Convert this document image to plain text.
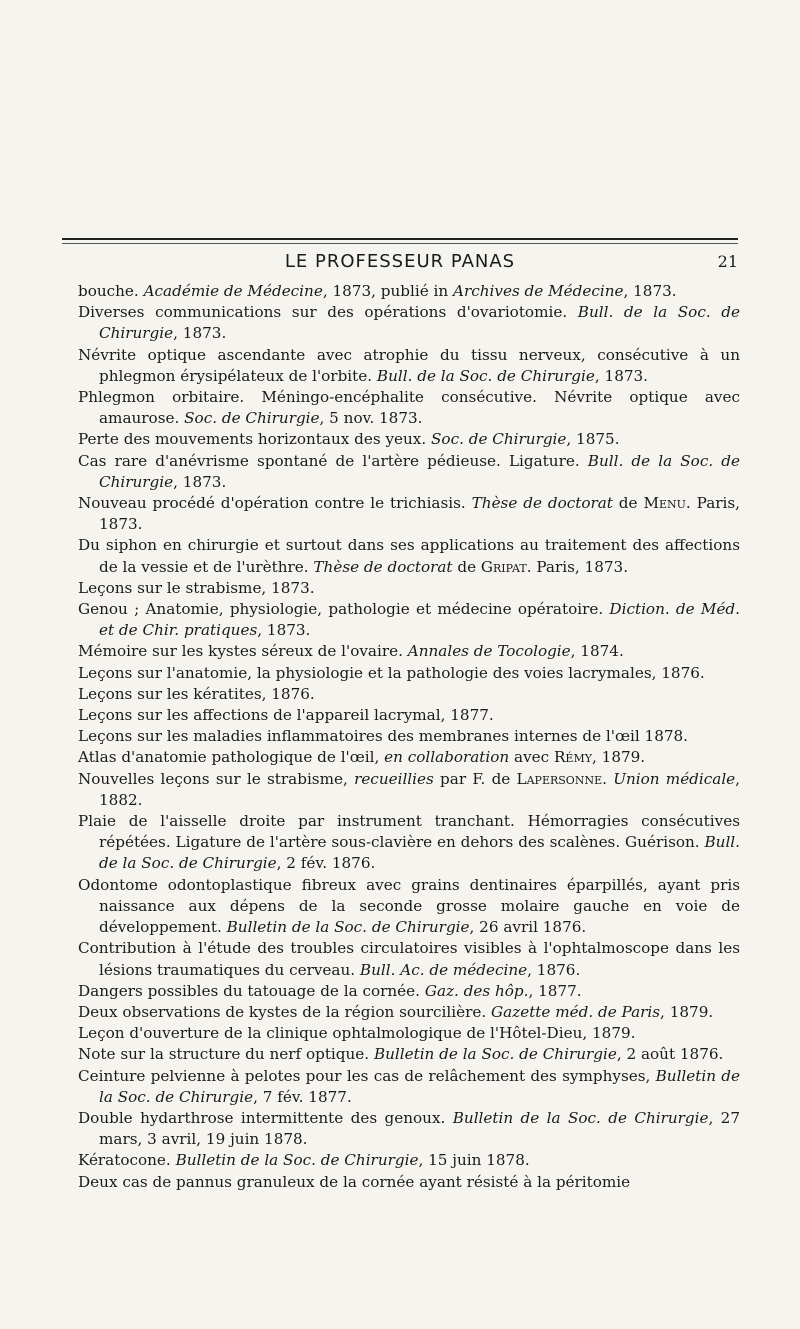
LE PROFESSEUR PANAS	21
bouche. Académie de Médecine, 1873, publié in Archives de Médecine, 1873.
Diverses communications sur des opérations d'ovariotomie. Bull. de la Soc. de Chirurgie, 1873.
Névrite optique ascendante avec atrophie du tissu nerveux, consécutive à un phlegmon érysipélateux de l'orbite. Bull. de la Soc. de Chirurgie, 1873.
Phlegmon orbitaire. Méningo-encéphalite consécutive. Névrite optique avec amaurose. Soc. de Chirurgie, 5 nov. 1873.
Perte des mouvements horizontaux des yeux. Soc. de Chirurgie, 1875.
Cas rare d'anévrisme spontané de l'artère pédieuse. Ligature. Bull. de la Soc. de Chirurgie, 1873.
Nouveau procédé d'opération contre le trichiasis. Thèse de doctorat de Menu. Paris, 1873.
Du siphon en chirurgie et surtout dans ses applications au traitement des affections de la vessie et de l'urèthre. Thèse de doctorat de Gripat. Paris, 1873.
Leçons sur le strabisme, 1873.
Genou ; Anatomie, physiologie, pathologie et médecine opératoire. Diction. de Méd. et de Chir. pratiques, 1873.
Mémoire sur les kystes séreux de l'ovaire. Annales de Tocologie, 1874.
Leçons sur l'anatomie, la physiologie et la pathologie des voies lacrymales, 1876.
Leçons sur les kératites, 1876.
Leçons sur les affections de l'appareil lacrymal, 1877.
Leçons sur les maladies inflammatoires des membranes internes de l'œil 1878.
Atlas d'anatomie pathologique de l'œil, en collaboration avec Rémy, 1879.
Nouvelles leçons sur le strabisme, recueillies par F. de Lapersonne. Union médicale, 1882.
Plaie de l'aisselle droite par instrument tranchant. Hémorragies consécutives répétées. Ligature de l'artère sous-clavière en dehors des scalènes. Guérison. Bull. de la Soc. de Chirurgie, 2 fév. 1876.
Odontome odontoplastique fibreux avec grains dentinaires éparpillés, ayant pris naissance aux dépens de la seconde grosse molaire gauche en voie de développement. Bulletin de la Soc. de Chirurgie, 26 avril 1876.
Contribution à l'étude des troubles circulatoires visibles à l'ophtalmoscope dans les lésions traumatiques du cerveau. Bull. Ac. de médecine, 1876.
Dangers possibles du tatouage de la cornée. Gaz. des hôp., 1877.
Deux observations de kystes de la région sourcilière. Gazette méd. de Paris, 1879.
Leçon d'ouverture de la clinique ophtalmologique de l'Hôtel-Dieu, 1879.
Note sur la structure du nerf optique. Bulletin de la Soc. de Chirurgie, 2 août 1876.
Ceinture pelvienne à pelotes pour les cas de relâchement des symphyses, Bulletin de la Soc. de Chirurgie, 7 fév. 1877.
Double hydarthrose intermittente des genoux. Bulletin de la Soc. de Chirurgie, 27 mars, 3 avril, 19 juin 1878.
Kératocone. Bulletin de la Soc. de Chirurgie, 15 juin 1878.
Deux cas de pannus granuleux de la cornée ayant résisté à la péritomie
